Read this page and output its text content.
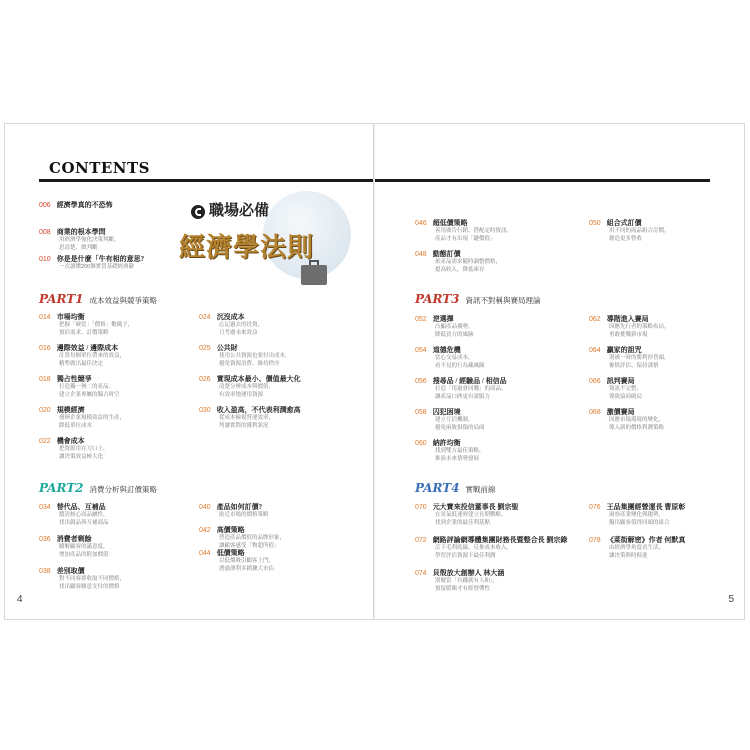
CONTENTS
職場必備
經濟學法則
006 經濟學真的不恐怖
008 商業的根本學問
用經濟學強化決策判斷，
思清楚、做判斷
010 你是是什麼「牛有相的意思?
一次讀懂200個實質基礎經濟辭
PART1 成本效益與競爭策略
014 市場均衡
把握「硬當」「價格」數碼子，
預估需求、訂價策略
016 邊際效益 / 邊際成本
計算每個單位帶來的效益，
精準做出最佳決定
018 獨占性競爭
打造獨一無二的產品，
建立企業專屬的獨占時空
020 規模經濟
發揮企業規模效益的生產，
降低單位成本
022 機會成本
把資源用在刀口上，
讓決策效益極大化
024 沉沒成本
忘記過去的投資，
只考慮未來效益
025 公共財
使用公共資源也要付出成本，
避免資源浪費、維持秩序
026 實現成本最小、價值最大化
清楚分辨成本與價值，
有效率地運用資源
030 收入盈高，不代表利潤愈高
從成本檢視營運效率，
判讀實際的獲利狀況
PART2 消費分析與訂價策略
034 替代品、互補品
釐清核心商品屬性，
找出競品與互補商品
036 消費者剩餘
瞭解顧客的滿意度，
增加產品的附加價值
038 差別取價
對不同客群收取不同價格，
找出顧客願意支付的價格
040 產品如何訂價?
貼近市場的價格策略
042 高價策略
塑造產品價值的品牌形象，
讓顧客感受「物超所值」
044 低價策略
以低價吸引顧客上門，
透過薄利多銷擴大市佔
4
046 超低價策略
善用廣告行銷、搭配定時資訊，
產品才有出現「鏈價值」
048 動態訂價
依產品需求隨時調整價格，
提高收入、降低庫存
050 組合式訂價
用不同的商品組合訂價，
創造更多營收
PART3 資訊不對稱與賽局理論
052 逆選擇
凸顯產品優勢，
降低買方的風險
054 道德危機
當心交易成本，
看不見的行為藏風險
056 搜尋品 / 經驗品 / 相信品
打造「用過會回購」的商品，
讓產品口碑更有說服力
058 囚犯困境
建立互信機制，
避免兩敗俱傷的局面
060 納許均衡
找到雙方最佳策略，
推演未來情勢發展
062 導階進入賽局
因應先行者的策略布局，
勇敢挑戰新市場
064 贏家的詛咒
別被一時的勝利沖昏頭，
審慎評估、保持謹慎
066 訊判賽局
資訊不完整，
導致協商破局
068 激價賽局
因應市場環境的變化，
導入新的價格利潤策略
PART4 實戰前線
070 元大寶來投信董事長 劉宗聖
在景氣低迷時建立長期戰略，
找到企業的最佳利基點
072 網路評論網導體集團財務長暨整合長 劉宗錄
訂下毛利底線、反推成本收入，
學習評估資源下最佳利潤
074 貝殼放大創辦人 林大涵
別做當「有錢就有人和」，
預留緩衝才有經營彈性
076 王品集團經營運長 曹原彰
洞察產業變化與趨勢，
擬出顧客值得回頭的組合
078 《菜街解密》作者 何默真
由經濟學角度看生活，
讓決策與時俱進
5
